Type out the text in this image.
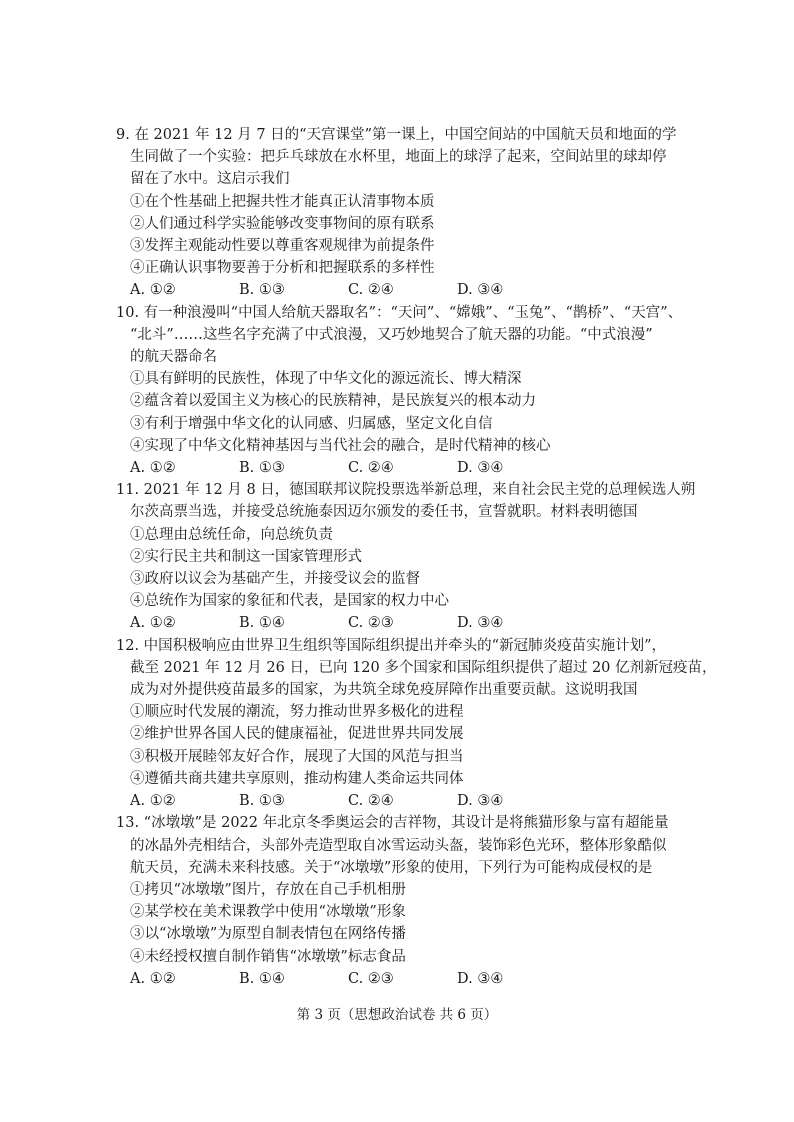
9. 在 2021 年 12 月 7 日的“天宫课堂”第一课上，中国空间站的中国航天员和地面的学

生同做了一个实验：把乒乓球放在水杯里，地面上的球浮了起来，空间站里的球却停

留在了水中。这启示我们

①在个性基础上把握共性才能真正认清事物本质

②人们通过科学实验能够改变事物间的原有联系

③发挥主观能动性要以尊重客观规律为前提条件

④正确认识事物要善于分析和把握联系的多样性

A. ①②	B. ①③	C. ②④	D. ③④

10. 有一种浪漫叫“中国人给航天器取名”：“天问”、“嫦娥”、“玉兔”、“鹊桥”、“天宫”、

“北斗”……这些名字充满了中式浪漫，又巧妙地契合了航天器的功能。“中式浪漫”

的航天器命名

①具有鲜明的民族性，体现了中华文化的源远流长、博大精深

②蕴含着以爱国主义为核心的民族精神，是民族复兴的根本动力

③有利于增强中华文化的认同感、归属感，坚定文化自信

④实现了中华文化精神基因与当代社会的融合，是时代精神的核心

A. ①②	B. ①③	C. ②④	D. ③④

11. 2021 年 12 月 8 日，德国联邦议院投票选举新总理，来自社会民主党的总理候选人朔

尔茨高票当选，并接受总统施泰因迈尔颁发的委任书，宣誓就职。材料表明德国

①总理由总统任命，向总统负责

②实行民主共和制这一国家管理形式

③政府以议会为基础产生，并接受议会的监督

④总统作为国家的象征和代表，是国家的权力中心

A. ①②	B. ①④	C. ②③	D. ③④

12. 中国积极响应由世界卫生组织等国际组织提出并牵头的“新冠肺炎疫苗实施计划”，

截至 2021 年 12 月 26 日，已向 120 多个国家和国际组织提供了超过 20 亿剂新冠疫苗，

成为对外提供疫苗最多的国家，为共筑全球免疫屏障作出重要贡献。这说明我国

①顺应时代发展的潮流，努力推动世界多极化的进程

②维护世界各国人民的健康福祉，促进世界共同发展

③积极开展睦邻友好合作，展现了大国的风范与担当

④遵循共商共建共享原则，推动构建人类命运共同体

A. ①②	B. ①③	C. ②④	D. ③④

13. “冰墩墩”是 2022 年北京冬季奥运会的吉祥物，其设计是将熊猫形象与富有超能量

的冰晶外壳相结合，头部外壳造型取自冰雪运动头盔，装饰彩色光环，整体形象酷似

航天员，充满未来科技感。关于“冰墩墩”形象的使用，下列行为可能构成侵权的是

①拷贝“冰墩墩”图片，存放在自己手机相册

②某学校在美术课教学中使用“冰墩墩”形象

③以“冰墩墩”为原型自制表情包在网络传播

④未经授权擅自制作销售“冰墩墩”标志食品

A. ①②	B. ①④	C. ②③	D. ③④
第 3 页（思想政治试卷 共 6 页）
